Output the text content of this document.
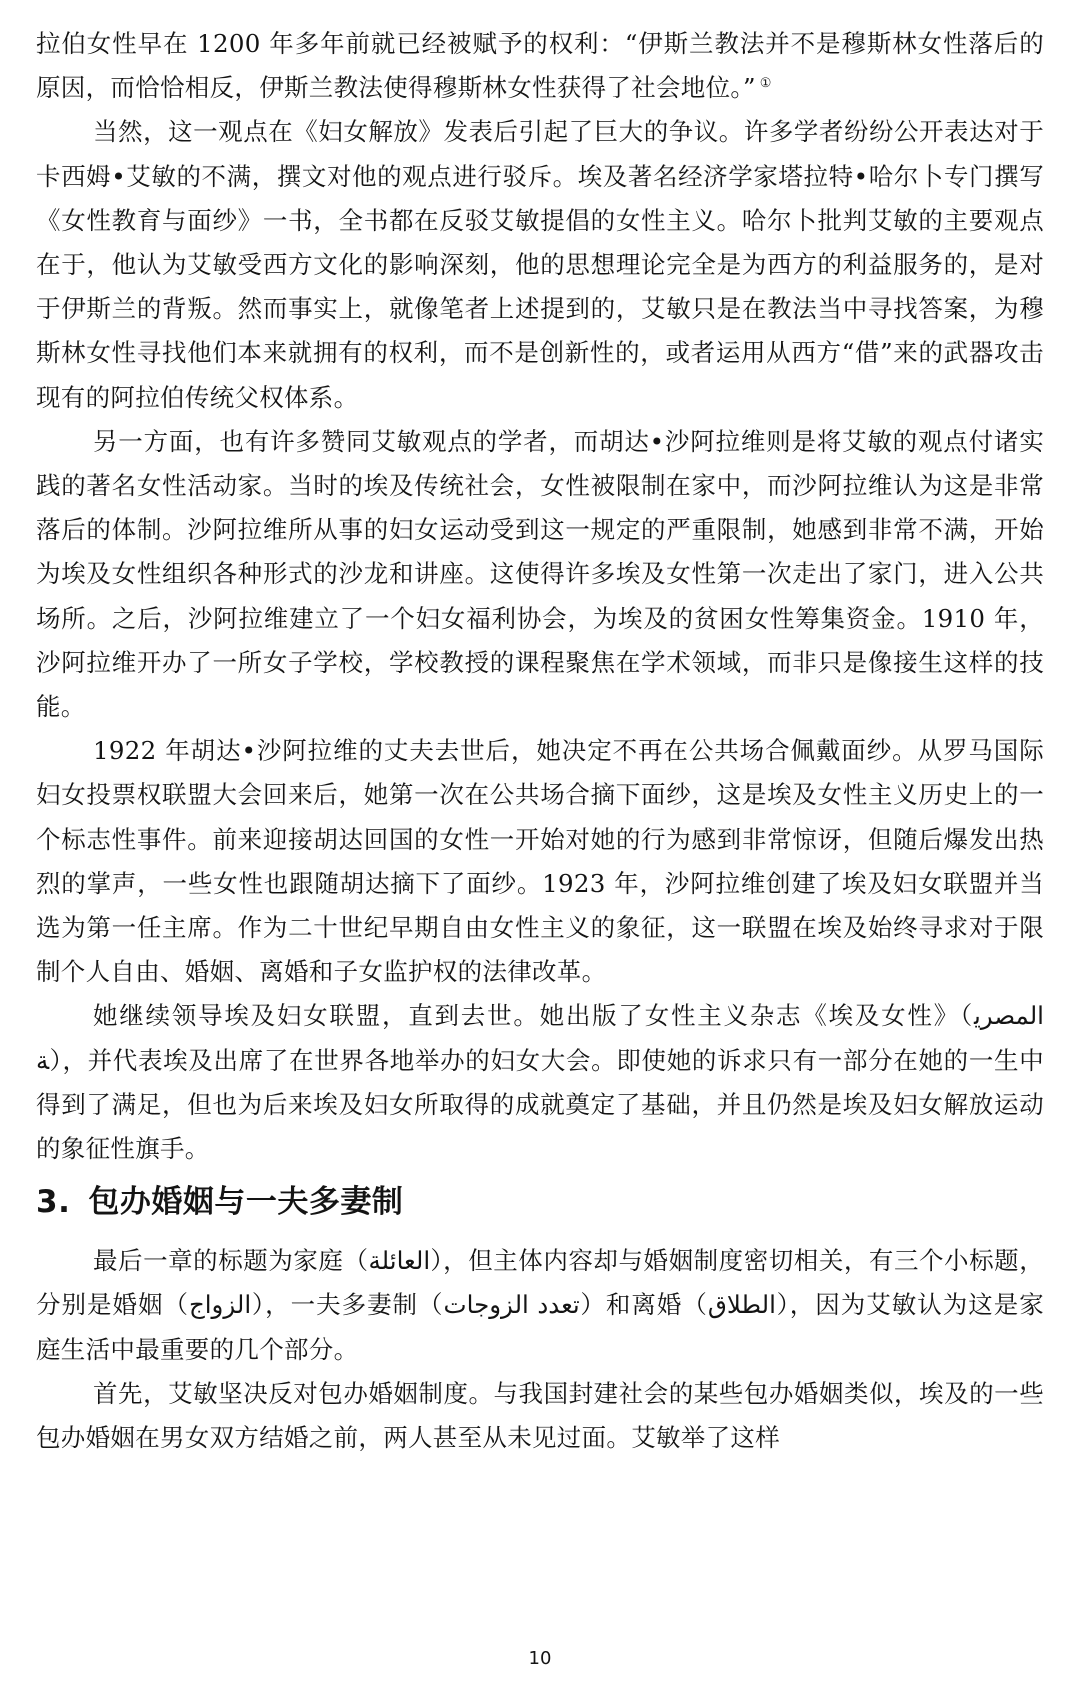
拉伯女性早在 1200 年多年前就已经被赋予的权利：“伊斯兰教法并不是穆斯林女性落后的原因，而恰恰相反，伊斯兰教法使得穆斯林女性获得了社会地位。” ①

当然，这一观点在《妇女解放》发表后引起了巨大的争议。许多学者纷纷公开表达对于卡西姆•艾敏的不满，撰文对他的观点进行驳斥。埃及著名经济学家塔拉特•哈尔卜专门撰写《女性教育与面纱》一书，全书都在反驳艾敏提倡的女性主义。哈尔卜批判艾敏的主要观点在于，他认为艾敏受西方文化的影响深刻，他的思想理论完全是为西方的利益服务的，是对于伊斯兰的背叛。然而事实上，就像笔者上述提到的，艾敏只是在教法当中寻找答案，为穆斯林女性寻找他们本来就拥有的权利，而不是创新性的，或者运用从西方“借”来的武器攻击现有的阿拉伯传统父权体系。

另一方面，也有许多赞同艾敏观点的学者，而胡达•沙阿拉维则是将艾敏的观点付诸实践的著名女性活动家。当时的埃及传统社会，女性被限制在家中，而沙阿拉维认为这是非常落后的体制。沙阿拉维所从事的妇女运动受到这一规定的严重限制，她感到非常不满，开始为埃及女性组织各种形式的沙龙和讲座。这使得许多埃及女性第一次走出了家门，进入公共场所。之后，沙阿拉维建立了一个妇女福利协会，为埃及的贫困女性筹集资金。1910 年，沙阿拉维开办了一所女子学校，学校教授的课程聚焦在学术领域，而非只是像接生这样的技能。

1922 年胡达•沙阿拉维的丈夫去世后，她决定不再在公共场合佩戴面纱。从罗马国际妇女投票权联盟大会回来后，她第一次在公共场合摘下面纱，这是埃及女性主义历史上的一个标志性事件。前来迎接胡达回国的女性一开始对她的行为感到非常惊讶，但随后爆发出热烈的掌声，一些女性也跟随胡达摘下了面纱。1923 年，沙阿拉维创建了埃及妇女联盟并当选为第一任主席。作为二十世纪早期自由女性主义的象征，这一联盟在埃及始终寻求对于限制个人自由、婚姻、离婚和子女监护权的法律改革。

她继续领导埃及妇女联盟，直到去世。她出版了女性主义杂志《埃及女性》（المصرية），并代表埃及出席了在世界各地举办的妇女大会。即使她的诉求只有一部分在她的一生中得到了满足，但也为后来埃及妇女所取得的成就奠定了基础，并且仍然是埃及妇女解放运动的象征性旗手。

3. 包办婚姻与一夫多妻制

最后一章的标题为家庭（العائلة），但主体内容却与婚姻制度密切相关，有三个小标题，分别是婚姻（الزواج），一夫多妻制（تعدد الزوجات）和离婚（الطلاق），因为艾敏认为这是家庭生活中最重要的几个部分。

首先，艾敏坚决反对包办婚姻制度。与我国封建社会的某些包办婚姻类似，埃及的一些包办婚姻在男女双方结婚之前，两人甚至从未见过面。艾敏举了这样

10
